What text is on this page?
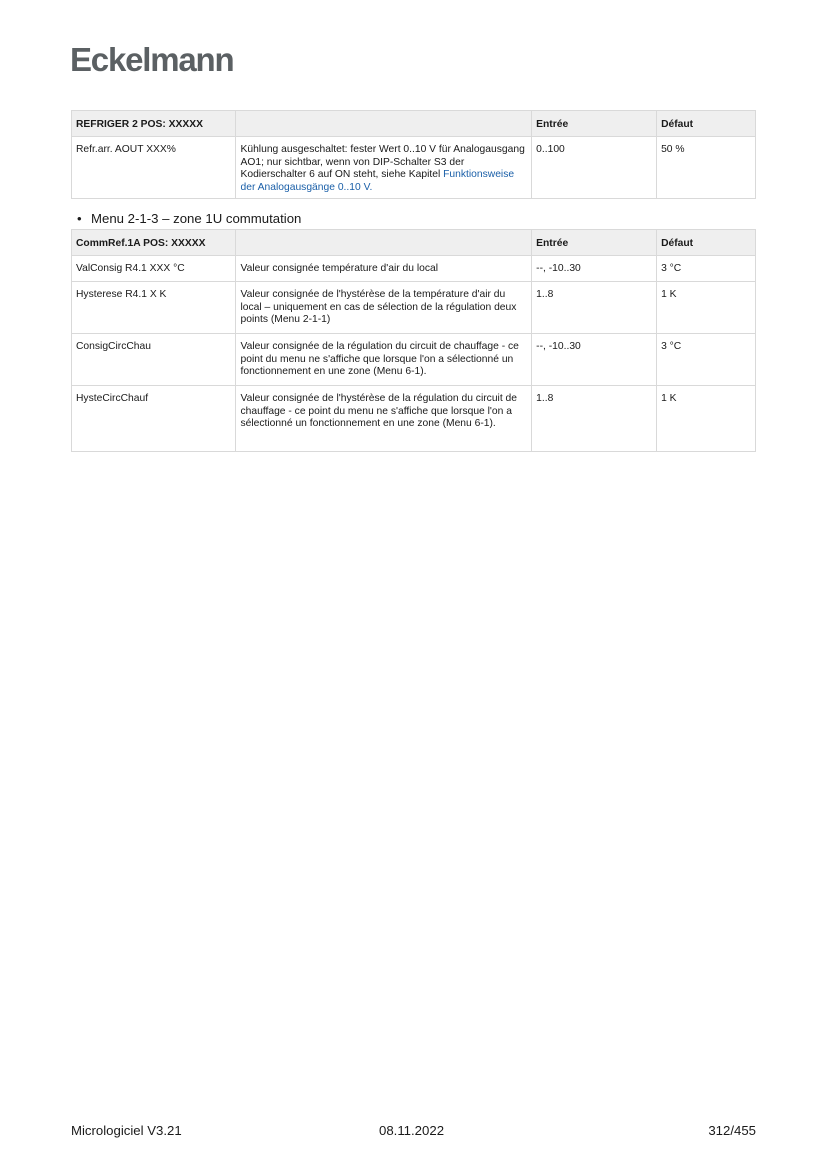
Eckelmann
REFRIGER 2 POS: XXXXX		Entrée	Défaut
Refr.arr. AOUT XXX%	Kühlung ausgeschaltet: fester Wert 0..10 V für Analogausgang AO1; nur sichtbar, wenn von DIP-Schalter S3 der Kodierschalter 6 auf ON steht, siehe Kapitel Funktionsweise der Analogausgänge 0..10 V.	0..100	50 %
• Menu 2-1-3 – zone 1U commutation
CommRef.1A POS: XXXXX		Entrée	Défaut
ValConsig R4.1 XXX °C	Valeur consignée température d'air du local	--, -10..30	3 °C
Hysterese R4.1 X K	Valeur consignée de l'hystérèse de la température d'air du local – uniquement en cas de sélection de la régulation deux points (Menu 2-1-1)	1..8	1 K
ConsigCircChau	Valeur consignée de la régulation du circuit de chauffage - ce point du menu ne s'affiche que lorsque l'on a sélectionné un fonctionnement en une zone (Menu 6-1).	--, -10..30	3 °C
HysteCircChauf	Valeur consignée de l'hystérèse de la régulation du circuit de chauffage - ce point du menu ne s'affiche que lorsque l'on a sélectionné un fonctionnement en une zone (Menu 6-1).	1..8	1 K
Micrologiciel V3.21	08.11.2022	312/455
